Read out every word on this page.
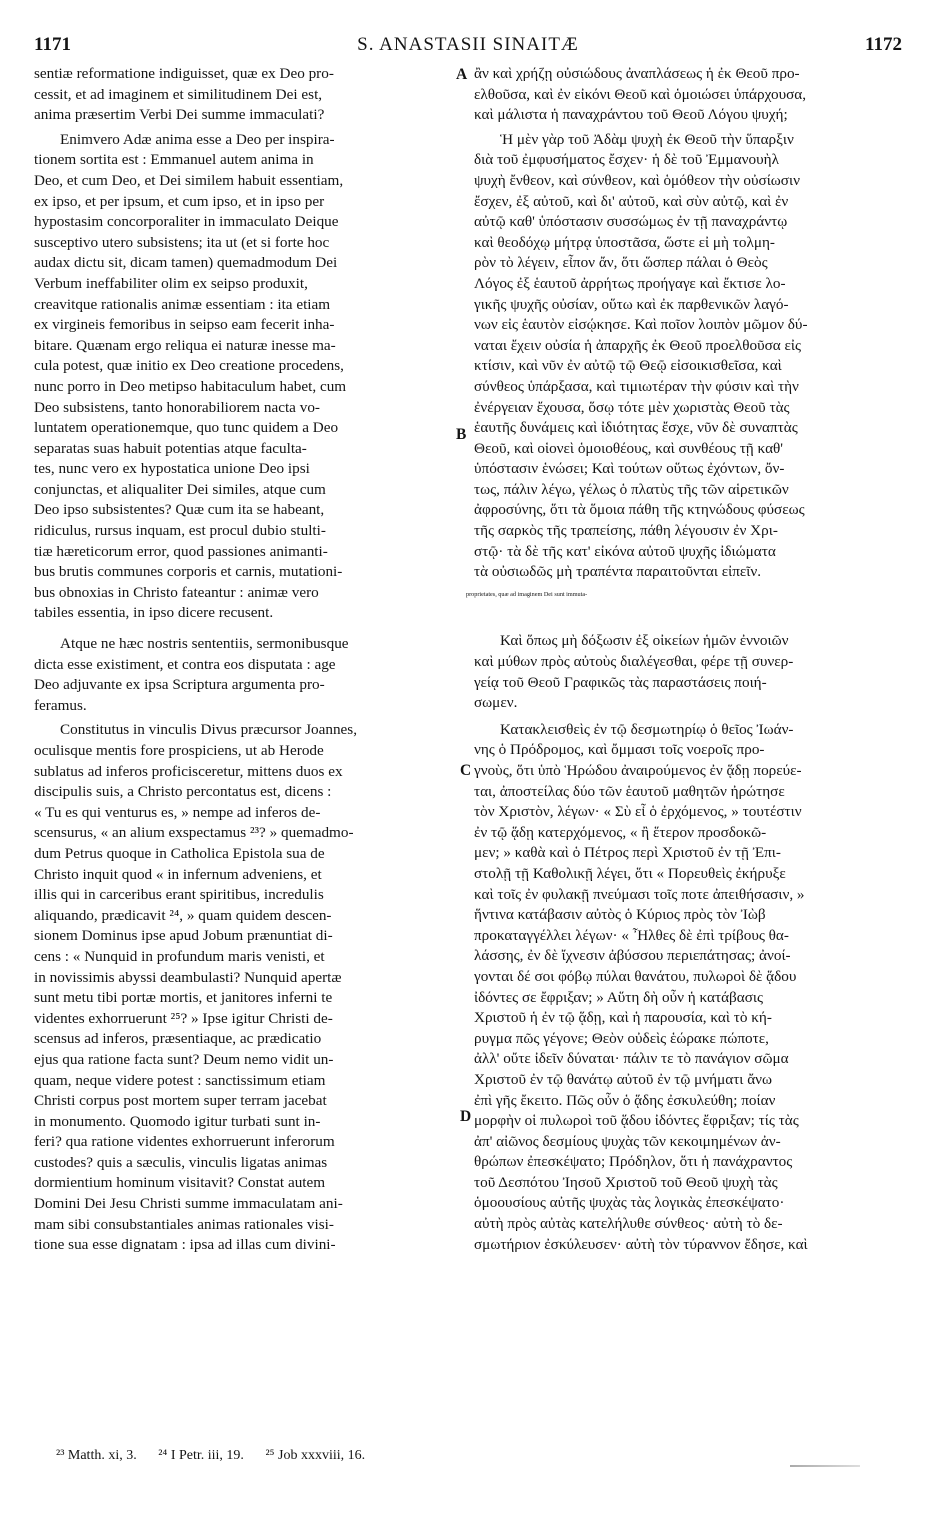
1171	S. ANASTASII SINAITÆ	1172
A
B
C
D
sentiæ reformatione indiguisset, quæ ex Deo pro-
cessit, et ad imaginem et similitudinem Dei est,
anima præsertim Verbi Dei summe immaculati?
Enimvero Adæ anima esse a Deo per inspira-
tionem sortita est : Emmanuel autem anima in
Deo, et cum Deo, et Dei similem habuit essentiam,
ex ipso, et per ipsum, et cum ipso, et in ipso per
hypostasim concorporaliter in immaculato Deique
susceptivo utero subsistens; ita ut (et si forte hoc
audax dictu sit, dicam tamen) quemadmodum Dei
Verbum ineffabiliter olim ex seipso produxit,
creavitque rationalis animæ essentiam : ita etiam
ex virgineis femoribus in seipso eam fecerit inha-
bitare. Quænam ergo reliqua ei naturæ inesse ma-
cula potest, quæ initio ex Deo creatione procedens,
nunc porro in Deo metipso habitaculum habet, cum
Deo subsistens, tanto honorabiliorem nacta vo-
luntatem operationemque, quo tunc quidem a Deo
separatas suas habuit potentias atque faculta-
tes, nunc vero ex hypostatica unione Deo ipsi
conjunctas, et aliqualiter Dei similes, atque cum
Deo ipso subsistentes? Quæ cum ita se habeant,
ridiculus, rursus inquam, est procul dubio stulti-
tiæ hæreticorum error, quod passiones animanti-
bus brutis communes corporis et carnis, mutationi-
bus obnoxias in Christo fateantur : animæ vero
tabiles essentia, in ipso dicere recusent.
Atque ne hæc nostris sententiis, sermonibusque
dicta esse existiment, et contra eos disputata : age
Deo adjuvante ex ipsa Scriptura argumenta pro-
feramus.
Constitutus in vinculis Divus præcursor Joannes,
oculisque mentis fore prospiciens, ut ab Herode
sublatus ad inferos proficisceretur, mittens duos ex
discipulis suis, a Christo percontatus est, dicens :
« Tu es qui venturus es, » nempe ad inferos de-
scensurus, « an alium exspectamus ²³? » quemadmo-
dum Petrus quoque in Catholica Epistola sua de
Christo inquit quod « in infernum adveniens, et
illis qui in carceribus erant spiritibus, incredulis
aliquando, prædicavit ²⁴, » quam quidem descen-
sionem Dominus ipse apud Jobum prænuntiat di-
cens : « Nunquid in profundum maris venisti, et
in novissimis abyssi deambulasti? Nunquid apertæ
sunt metu tibi portæ mortis, et janitores inferni te
videntes exhorruerunt ²⁵? » Ipse igitur Christi de-
scensus ad inferos, præsentiaque, ac prædicatio
ejus qua ratione facta sunt? Deum nemo vidit un-
quam, neque videre potest : sanctissimum etiam
Christi corpus post mortem super terram jacebat
in monumento. Quomodo igitur turbati sunt in-
feri? qua ratione videntes exhorruerunt inferorum
custodes? quis a sæculis, vinculis ligatas animas
dormientium hominum visitavit? Constat autem
Domini Dei Jesu Christi summe immaculatam ani-
mam sibi consubstantiales animas rationales visi-
tione sua esse dignatam : ipsa ad illas cum divini-
ἂν καὶ χρήζῃ οὐσιώδους ἀναπλάσεως ἡ ἐκ Θεοῦ προ-
ελθοῦσα, καὶ ἐν εἰκόνι Θεοῦ καὶ ὁμοιώσει ὑπάρχουσα,
καὶ μάλιστα ἡ παναχράντου τοῦ Θεοῦ Λόγου ψυχή;
Ἡ μὲν γὰρ τοῦ Ἀδὰμ ψυχὴ ἐκ Θεοῦ τὴν ὕπαρξιν
διὰ τοῦ ἐμφυσήματος ἔσχεν· ἡ δὲ τοῦ Ἐμμανουὴλ
ψυχὴ ἔνθεον, καὶ σύνθεον, καὶ ὁμόθεον τὴν οὐσίωσιν
ἔσχεν, ἐξ αὐτοῦ, καὶ δι' αὐτοῦ, καὶ σὺν αὐτῷ, καὶ ἐν
αὐτῷ καθ' ὑπόστασιν συσσώμως ἐν τῇ παναχράντῳ
καὶ θεοδόχῳ μήτρᾳ ὑποστᾶσα, ὥστε εἰ μὴ τολμη-
ρὸν τὸ λέγειν, εἶπον ἄν, ὅτι ὥσπερ πάλαι ὁ Θεὸς
Λόγος ἐξ ἑαυτοῦ ἀρρήτως προήγαγε καὶ ἔκτισε λο-
γικῆς ψυχῆς οὐσίαν, οὕτω καὶ ἐκ παρθενικῶν λαγό-
νων εἰς ἑαυτὸν εἰσῴκησε. Καὶ ποῖον λοιπὸν μῶμον δύ-
ναται ἔχειν οὐσία ἡ ἀπαρχῆς ἐκ Θεοῦ προελθοῦσα εἰς
κτίσιν, καὶ νῦν ἐν αὐτῷ τῷ Θεῷ εἰσοικισθεῖσα, καὶ
σύνθεος ὑπάρξασα, καὶ τιμιωτέραν τὴν φύσιν καὶ τὴν
ἐνέργειαν ἔχουσα, ὅσῳ τότε μὲν χωριστὰς Θεοῦ τὰς
ἑαυτῆς δυνάμεις καὶ ἰδιότητας ἔσχε, νῦν δὲ συναπτὰς
Θεοῦ, καὶ οἱονεὶ ὁμοιοθέους, καὶ συνθέους τῇ καθ'
ὑπόστασιν ἑνώσει; Καὶ τούτων οὕτως ἐχόντων, ὄν-
τως, πάλιν λέγω, γέλως ὁ πλατὺς τῆς τῶν αἱρετικῶν
ἀφροσύνης, ὅτι τὰ ὅμοια πάθη τῆς κτηνώδους φύσεως
τῆς σαρκὸς τῆς τραπείσης, πάθη λέγουσιν ἐν Χρι-
στῷ· τὰ δὲ τῆς κατ' εἰκόνα αὐτοῦ ψυχῆς ἰδιώματα
τὰ οὐσιωδῶς μὴ τραπέντα παραιτοῦνται εἰπεῖν.
proprietates, quæ ad imaginem Dei sunt immuta-
Καὶ ὅπως μὴ δόξωσιν ἐξ οἰκείων ἡμῶν ἐννοιῶν
καὶ μύθων πρὸς αὐτοὺς διαλέγεσθαι, φέρε τῇ συνερ-
γείᾳ τοῦ Θεοῦ Γραφικῶς τὰς παραστάσεις ποιή-
σωμεν.
Κατακλεισθεὶς ἐν τῷ δεσμωτηρίῳ ὁ θεῖος Ἰωάν-
νης ὁ Πρόδρομος, καὶ ὄμμασι τοῖς νοεροῖς προ-
γνοὺς, ὅτι ὑπὸ Ἡρώδου ἀναιρούμενος ἐν ᾅδῃ πορεύε-
ται, ἀποστείλας δύο τῶν ἑαυτοῦ μαθητῶν ἠρώτησε
τὸν Χριστὸν, λέγων· « Σὺ εἶ ὁ ἐρχόμενος, » τουτέστιν
ἐν τῷ ᾅδῃ κατερχόμενος, « ἢ ἕτερον προσδοκῶ-
μεν; » καθὰ καὶ ὁ Πέτρος περὶ Χριστοῦ ἐν τῇ Ἐπι-
στολῇ τῇ Καθολικῇ λέγει, ὅτι « Πορευθεὶς ἐκήρυξε
καὶ τοῖς ἐν φυλακῇ πνεύμασι τοῖς ποτε ἀπειθήσασιν, »
ἥντινα κατάβασιν αὐτὸς ὁ Κύριος πρὸς τὸν Ἰὼβ
προκαταγγέλλει λέγων· « Ἦλθες δὲ ἐπὶ τρίβους θα-
λάσσης, ἐν δὲ ἴχνεσιν ἀβύσσου περιεπάτησας; ἀνοί-
γονται δέ σοι φόβῳ πύλαι θανάτου, πυλωροὶ δὲ ᾅδου
ἰδόντες σε ἔφριξαν; » Αὕτη δὴ οὖν ἡ κατάβασις
Χριστοῦ ἡ ἐν τῷ ᾅδῃ, καὶ ἡ παρουσία, καὶ τὸ κή-
ρυγμα πῶς γέγονε; Θεὸν οὐδεὶς ἑώρακε πώποτε,
ἀλλ' οὔτε ἰδεῖν δύναται· πάλιν τε τὸ πανάγιον σῶμα
Χριστοῦ ἐν τῷ θανάτῳ αὐτοῦ ἐν τῷ μνήματι ἄνω
ἐπὶ γῆς ἔκειτο. Πῶς οὖν ὁ ᾅδης ἐσκυλεύθη; ποίαν
μορφὴν οἱ πυλωροὶ τοῦ ᾅδου ἰδόντες ἔφριξαν; τίς τὰς
ἀπ' αἰῶνος δεσμίους ψυχὰς τῶν κεκοιμημένων ἀν-
θρώπων ἐπεσκέψατο; Πρόδηλον, ὅτι ἡ πανάχραντος
τοῦ Δεσπότου Ἰησοῦ Χριστοῦ τοῦ Θεοῦ ψυχὴ τὰς
ὁμοουσίους αὐτῆς ψυχὰς τὰς λογικὰς ἐπεσκέψατο·
αὐτὴ πρὸς αὐτὰς κατελήλυθε σύνθεος· αὐτὴ τὸ δε-
σμωτήριον ἐσκύλευσεν· αὐτὴ τὸν τύραννον ἔδησε, καὶ
²³ Matth. xi, 3. ²⁴ I Petr. iii, 19. ²⁵ Job xxxviii, 16.
